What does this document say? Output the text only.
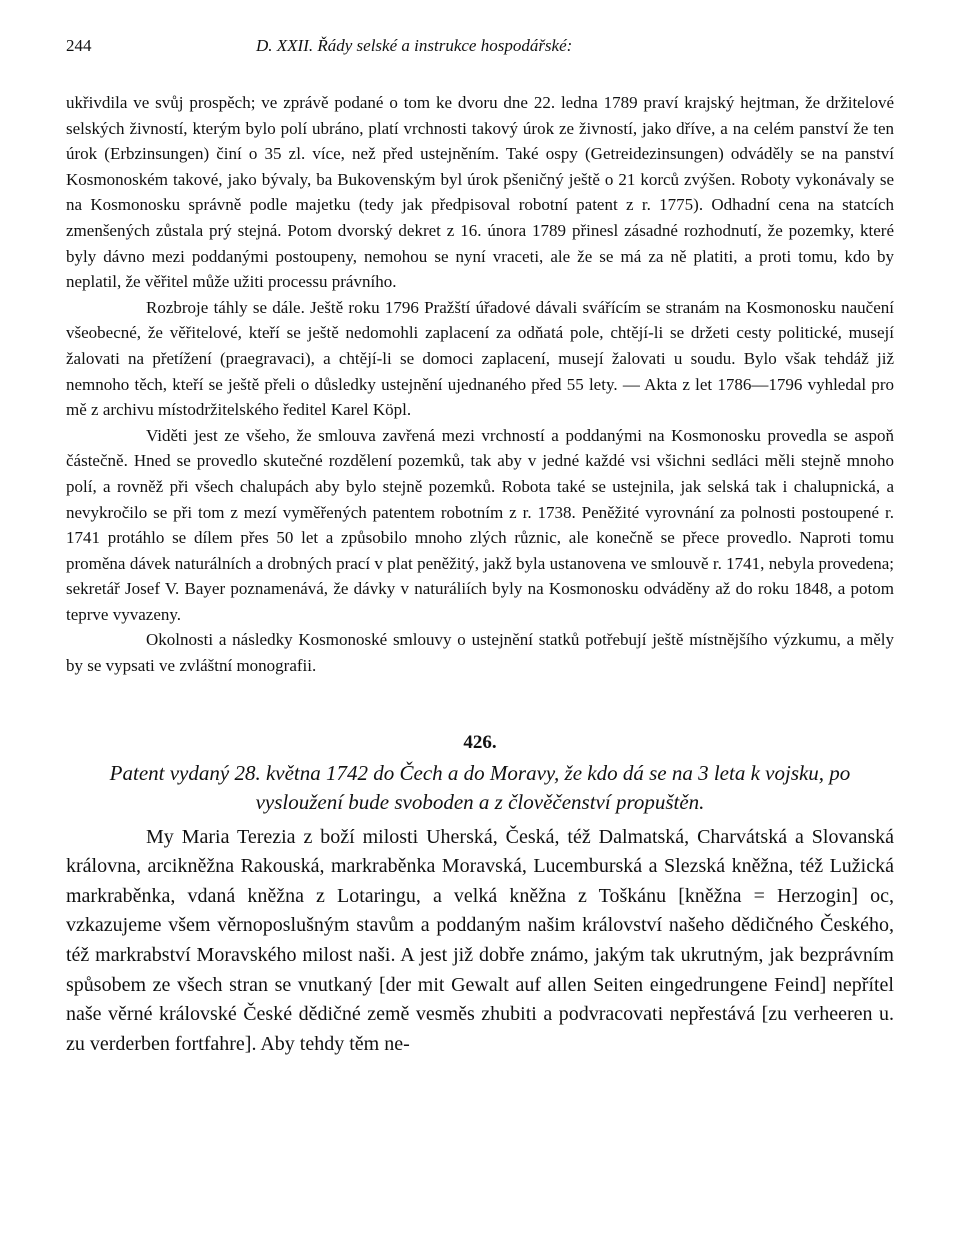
244	D. XXII. Řády selské a instrukce hospodářské:

ukřivdila ve svůj prospěch; ve zprávě podané o tom ke dvoru dne 22. ledna 1789 praví krajský hejtman, že držitelové selských živností, kterým bylo polí ubráno, platí vrchnosti takový úrok ze živností, jako dříve, a na celém panství že ten úrok (Erbzinsungen) činí o 35 zl. více, než před ustejněním. Také ospy (Getreidezinsungen) odváděly se na panství Kosmonoském takové, jako bývaly, ba Bukovenským byl úrok pšeničný ještě o 21 korců zvýšen. Roboty vykonávaly se na Kosmonosku správně podle majetku (tedy jak předpisoval robotní patent z r. 1775). Odhadní cena na statcích zmenšených zůstala prý stejná. Potom dvorský dekret z 16. února 1789 přinesl zásadné rozhodnutí, že pozemky, které byly dávno mezi poddanými postoupeny, nemohou se nyní vraceti, ale že se má za ně platiti, a proti tomu, kdo by neplatil, že věřitel může užiti processu právního.

Rozbroje táhly se dále. Ještě roku 1796 Pražští úřadové dávali svářícím se stranám na Kosmonosku naučení všeobecné, že věřitelové, kteří se ještě nedomohli zaplacení za odňatá pole, chtějí-li se držeti cesty politické, musejí žalovati na přetížení (praegravaci), a chtějí-li se domoci zaplacení, musejí žalovati u soudu. Bylo však tehdáž již nemnoho těch, kteří se ještě přeli o důsledky ustejnění ujednaného před 55 lety. — Akta z let 1786—1796 vyhledal pro mě z archivu místodržitelského ředitel Karel Köpl.

Viděti jest ze všeho, že smlouva zavřená mezi vrchností a poddanými na Kosmonosku provedla se aspoň částečně. Hned se provedlo skutečné rozdělení pozemků, tak aby v jedné každé vsi všichni sedláci měli stejně mnoho polí, a rovněž při všech chalupách aby bylo stejně pozemků. Robota také se ustejnila, jak selská tak i chalupnická, a nevykročilo se při tom z mezí vyměřených patentem robotním z r. 1738. Peněžité vyrovnání za polnosti postoupené r. 1741 protáhlo se dílem přes 50 let a způsobilo mnoho zlých různic, ale konečně se přece provedlo. Naproti tomu proměna dávek naturálních a drobných prací v plat peněžitý, jakž byla ustanovena ve smlouvě r. 1741, nebyla provedena; sekretář Josef V. Bayer poznamenává, že dávky v naturáliích byly na Kosmonosku odváděny až do roku 1848, a potom teprve vyvazeny.

Okolnosti a následky Kosmonoské smlouvy o ustejnění statků potřebují ještě místnějšího výzkumu, a měly by se vypsati ve zvláštní monografii.

426.
Patent vydaný 28. května 1742 do Čech a do Moravy, že kdo dá se na 3 leta k vojsku, po vysloužení bude svoboden a z člověčenství propuštěn.

My Maria Terezia z boží milosti Uherská, Česká, též Dalmatská, Charvátská a Slovanská královna, arcikněžna Rakouská, markraběnka Moravská, Lucemburská a Slezská kněžna, též Lužická markraběnka, vdaná kněžna z Lotaringu, a velká kněžna z Toškánu [kněžna = Herzogin] oc, vzkazujeme všem věrnoposlušným stavům a poddaným našim království našeho dědičného Českého, též markrabství Moravského milost naši. A jest již dobře známo, jakým tak ukrutným, jak bezprávním spůsobem ze všech stran se vnutkaný [der mit Gewalt auf allen Seiten eingedrungene Feind] nepřítel naše věrné královské České dědičné země vesměs zhubiti a podvracovati nepřestává [zu verheeren u. zu verderben fortfahre]. Aby tehdy těm ne-
